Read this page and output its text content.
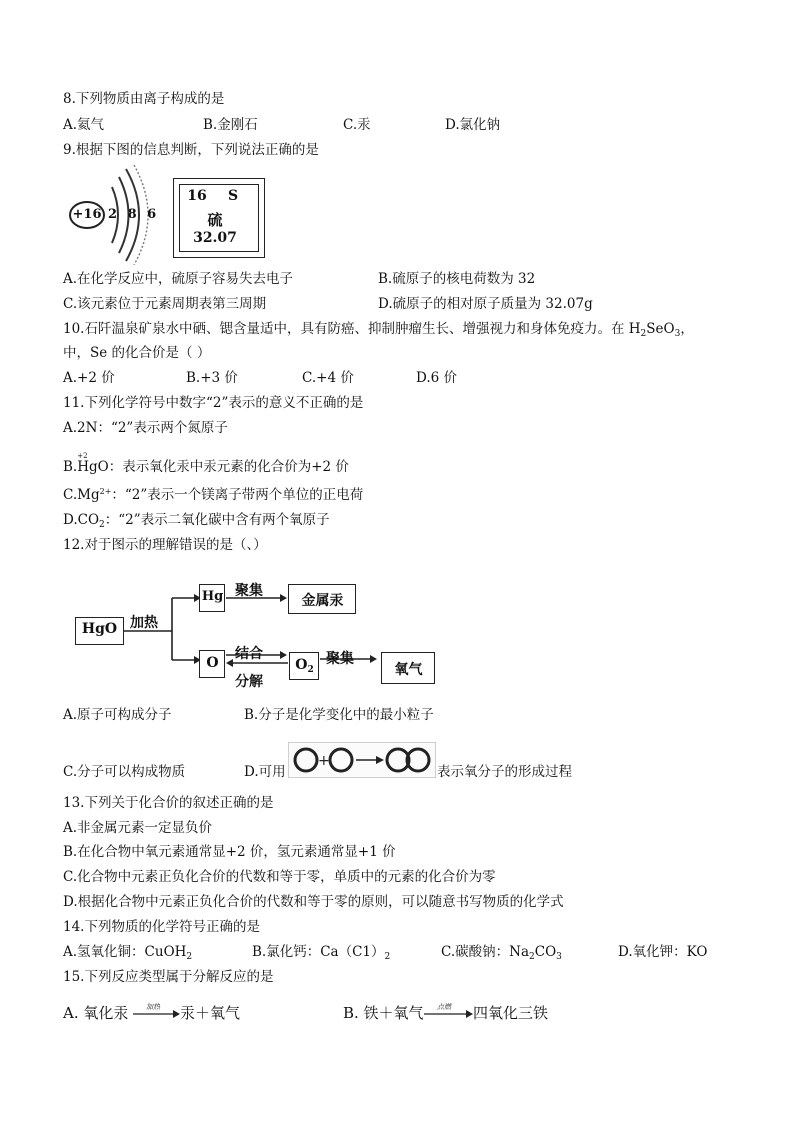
8.下列物质由离子构成的是
A.氦气	B.金刚石	C.汞	D.氯化钠
9.根据下图的信息判断，下列说法正确的是
+16 2 8 6
16	S
硫
32.07
A.在化学反应中，硫原子容易失去电子	B.硫原子的核电荷数为 32
C.该元素位于元素周期表第三周期	D.硫原子的相对原子质量为 32.07g
10.石阡温泉矿泉水中硒、锶含量适中，具有防癌、抑制肿瘤生长、增强视力和身体免疫力。在 $H_2SeO_3$，
中，Se 的化合价是（ ）
A.+2 价	B.+3 价	C.+4 价	D.6 价
11.下列化学符号中数字“2”表示的意义不正确的是
A.2N：“2”表示两个氮原子
B.
+2
HgO：表示氧化汞中汞元素的化合价为+2 价
$C.Mg^{2+}$：“2”表示一个镁离子带两个单位的正电荷
$D.CO_2$：“2”表示二氧化碳中含有两个氧原子
12.对于图示的理解错误的是（、）
HgO 加热
Hg 聚集
金属汞
O
结合
分解
$O_2$
聚集
氧气
A.原子可构成分子	B.分子是化学变化中的最小粒子
C.分子可以构成物质	D.可用
+
表示氧分子的形成过程
13.下列关于化合价的叙述正确的是
A.非金属元素一定显负价
B.在化合物中氧元素通常显+2 价，氢元素通常显+1 价
C.化合物中元素正负化合价的代数和等于零，单质中的元素的化合价为零
D.根据化合物中元素正负化合价的代数和等于零的原则，可以随意书写物质的化学式
14.下列物质的化学符号正确的是
A.氢氧化铜：CuOH$_2$	B.氯化钙：$Ca(C1)_2$	C.碳酸钠：$Na_2CO_3$	D.氧化钾：KO
15.下列反应类型属于分解反应的是
A. 氧化汞	加热 汞＋氧气	B. 铁＋氧气 点燃 四氧化三铁
